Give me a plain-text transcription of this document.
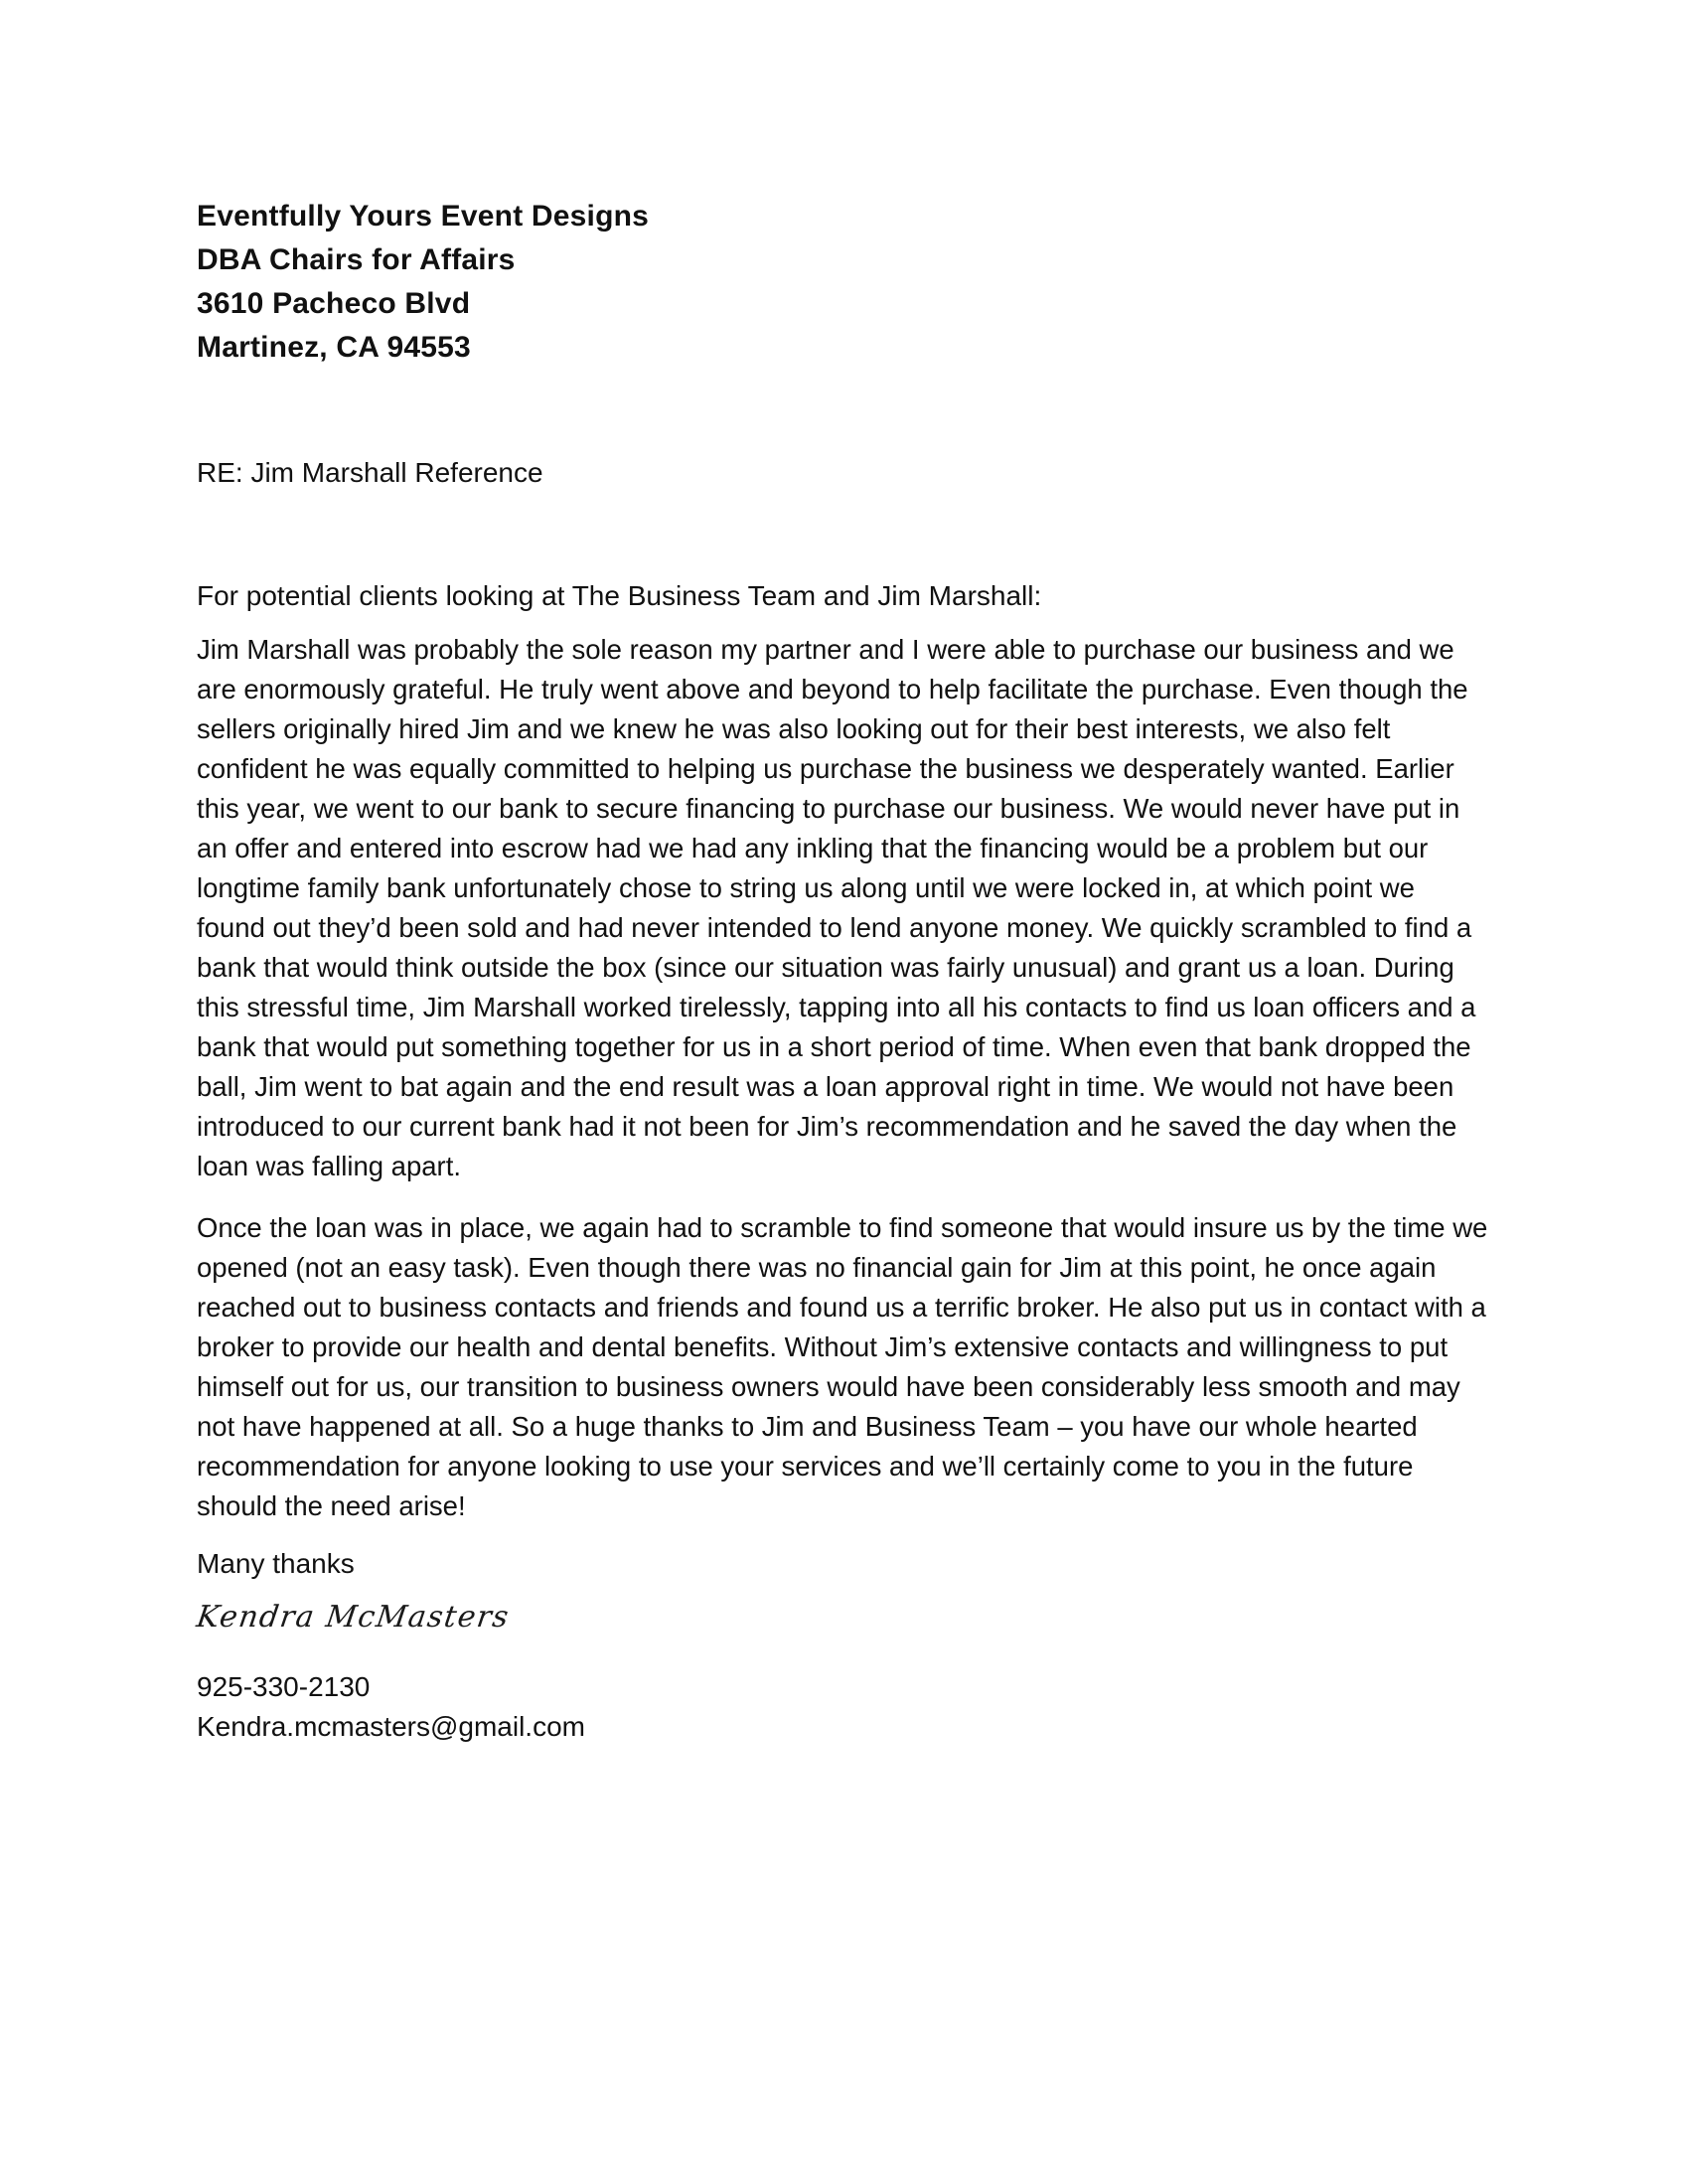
Eventfully Yours Event Designs
DBA Chairs for Affairs
3610 Pacheco Blvd
Martinez, CA 94553
RE: Jim Marshall Reference
For potential clients looking at The Business Team and Jim Marshall:
Jim Marshall was probably the sole reason my partner and I were able to purchase our business and we are enormously grateful. He truly went above and beyond to help facilitate the purchase. Even though the sellers originally hired Jim and we knew he was also looking out for their best interests, we also felt confident he was equally committed to helping us purchase the business we desperately wanted. Earlier this year, we went to our bank to secure financing to purchase our business. We would never have put in an offer and entered into escrow had we had any inkling that the financing would be a problem but our longtime family bank unfortunately chose to string us along until we were locked in, at which point we found out they’d been sold and had never intended to lend anyone money. We quickly scrambled to find a bank that would think outside the box (since our situation was fairly unusual) and grant us a loan. During this stressful time, Jim Marshall worked tirelessly, tapping into all his contacts to find us loan officers and a bank that would put something together for us in a short period of time. When even that bank dropped the ball, Jim went to bat again and the end result was a loan approval right in time. We would not have been introduced to our current bank had it not been for Jim’s recommendation and he saved the day when the loan was falling apart.
Once the loan was in place, we again had to scramble to find someone that would insure us by the time we opened (not an easy task). Even though there was no financial gain for Jim at this point, he once again reached out to business contacts and friends and found us a terrific broker. He also put us in contact with a broker to provide our health and dental benefits. Without Jim’s extensive contacts and willingness to put himself out for us, our transition to business owners would have been considerably less smooth and may not have happened at all. So a huge thanks to Jim and Business Team – you have our whole hearted recommendation for anyone looking to use your services and we’ll certainly come to you in the future should the need arise!
Many thanks
Kendra McMasters
925-330-2130
Kendra.mcmasters@gmail.com
